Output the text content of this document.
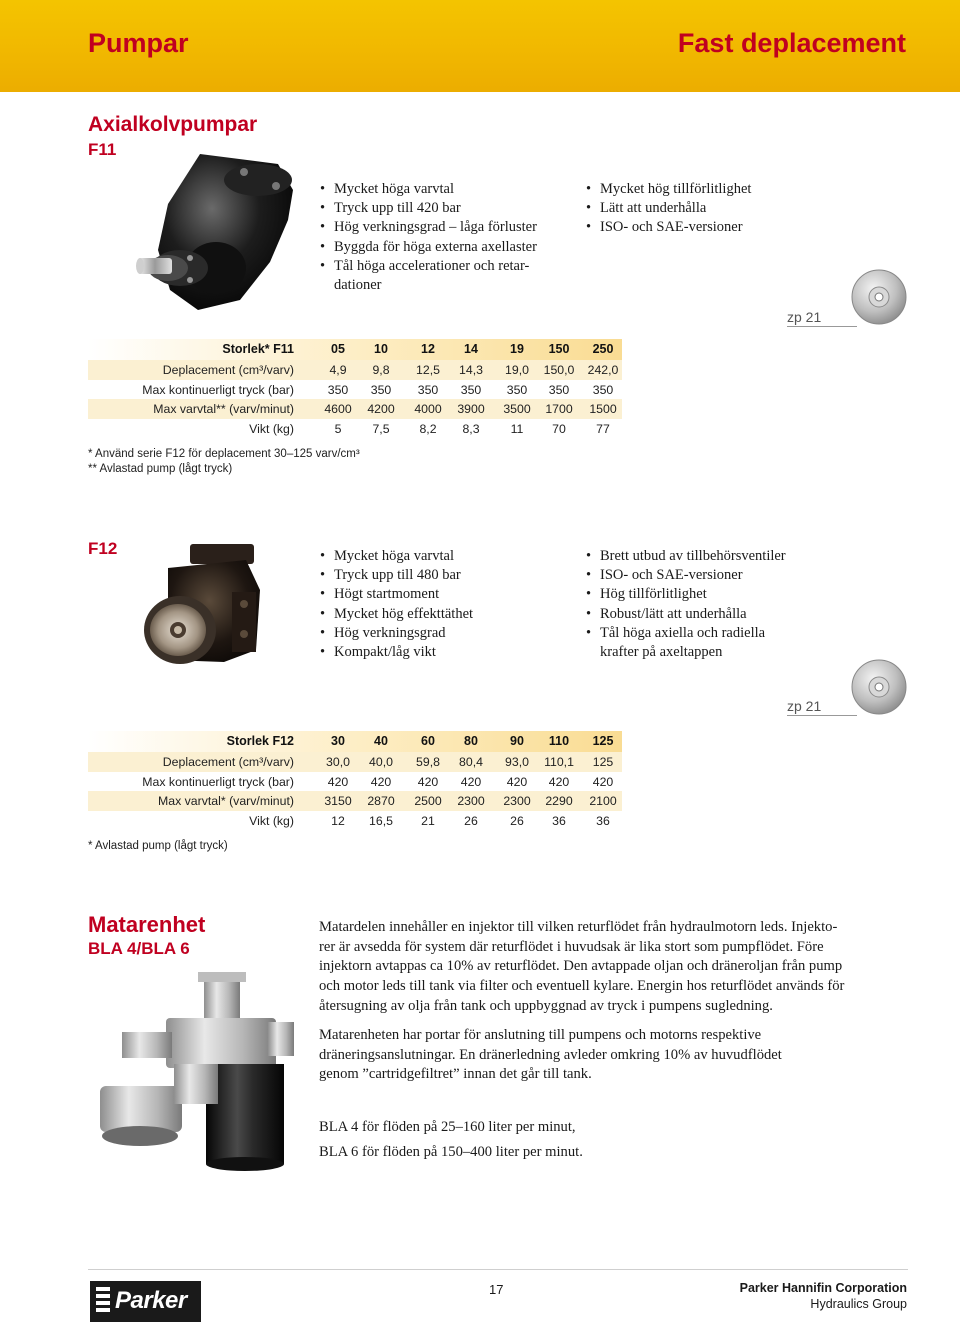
Pumpar	Fast deplacement
Axialkolvpumpar
F11
• Mycket höga varvtal
• Tryck upp till 420 bar
• Hög verkningsgrad – låga förluster
• Byggda för höga externa axellaster
• Tål höga accelerationer och retar-
dationer
• Mycket hög tillförlitlighet
• Lätt att underhålla
• ISO- och SAE-versioner
zp 21
Storlek* F11	05	10	12	14	19	150	250
Deplacement (cm³/varv)	4,9	9,8	12,5	14,3	19,0	150,0	242,0
Max kontinuerligt tryck (bar)	350	350	350	350	350	350	350
Max varvtal** (varv/minut)	4600	4200	4000	3900	3500	1700	1500
Vikt (kg)	5	7,5	8,2	8,3	11	70	77
* Använd serie F12 för deplacement 30–125 varv/cm³
** Avlastad pump (lågt tryck)
F12
•	Mycket höga varvtal
• Tryck upp till 480 bar
• Högt startmoment
• Mycket hög effekttäthet
• Hög verkningsgrad
• Kompakt/låg vikt
• Brett utbud av tillbehörsventiler
• ISO- och SAE-versioner
• Hög tillförlitlighet
• Robust/lätt att underhålla
• Tål höga axiella och radiella
krafter på axeltappen
zp 21
Storlek F12	30	40	60	80	90	110	125
Deplacement (cm³/varv)	30,0	40,0	59,8	80,4	93,0	110,1	125
Max kontinuerligt tryck (bar)	420	420	420	420	420	420	420
Max varvtal* (varv/minut)	3150	2870	2500	2300	2300	2290	2100
Vikt (kg)	12	16,5	21	26	26	36	36
* Avlastad pump (lågt tryck)
Matarenhet
BLA 4/BLA 6
Matardelen innehåller en injektor till vilken returflödet från hydraulmotorn leds. Injekto-
rer är avsedda för system där returflödet i huvudsak är lika stort som pumpflödet. Före
injektorn avtappas ca 10% av returflödet. Den avtappade oljan och dräneroljan från pump
och motor leds till tank via filter och eventuell kylare. Energin hos returflödet används för
återsugning av olja från tank och uppbyggnad av tryck i pumpens sugledning.
Matarenheten har portar för anslutning till pumpens och motorns respektive
dräneringsanslutningar. En dränerledning avleder omkring 10% av huvudflödet
genom ”cartridgefiltret” innan det går till tank.
BLA 4 för flöden på 25–160 liter per minut,
BLA 6 för flöden på 150–400 liter per minut.
17	Parker Hannifin Corporation
Hydraulics Group
Parker
